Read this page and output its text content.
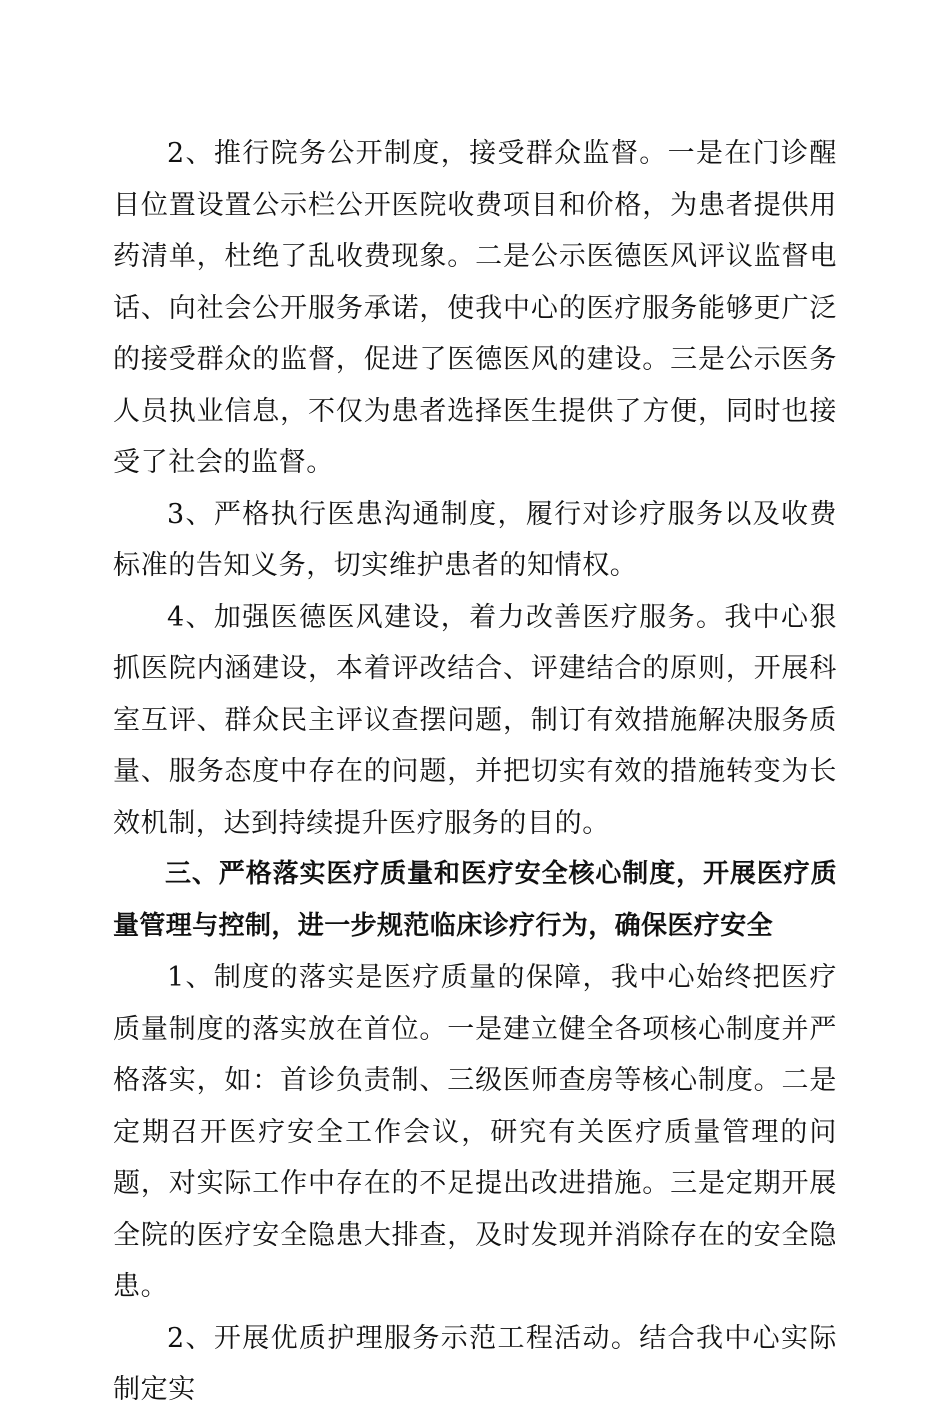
2、推行院务公开制度，接受群众监督。一是在门诊醒目位置设置公示栏公开医院收费项目和价格，为患者提供用药清单，杜绝了乱收费现象。二是公示医德医风评议监督电话、向社会公开服务承诺，使我中心的医疗服务能够更广泛的接受群众的监督，促进了医德医风的建设。三是公示医务人员执业信息，不仅为患者选择医生提供了方便，同时也接受了社会的监督。

3、严格执行医患沟通制度，履行对诊疗服务以及收费标准的告知义务，切实维护患者的知情权。

4、加强医德医风建设，着力改善医疗服务。我中心狠抓医院内涵建设，本着评改结合、评建结合的原则，开展科室互评、群众民主评议查摆问题，制订有效措施解决服务质量、服务态度中存在的问题，并把切实有效的措施转变为长效机制，达到持续提升医疗服务的目的。

三、严格落实医疗质量和医疗安全核心制度，开展医疗质量管理与控制，进一步规范临床诊疗行为，确保医疗安全

1、制度的落实是医疗质量的保障，我中心始终把医疗质量制度的落实放在首位。一是建立健全各项核心制度并严格落实，如：首诊负责制、三级医师查房等核心制度。二是定期召开医疗安全工作会议，研究有关医疗质量管理的问题，对实际工作中存在的不足提出改进措施。三是定期开展全院的医疗安全隐患大排查，及时发现并消除存在的安全隐患。

2、开展优质护理服务示范工程活动。结合我中心实际制定实
